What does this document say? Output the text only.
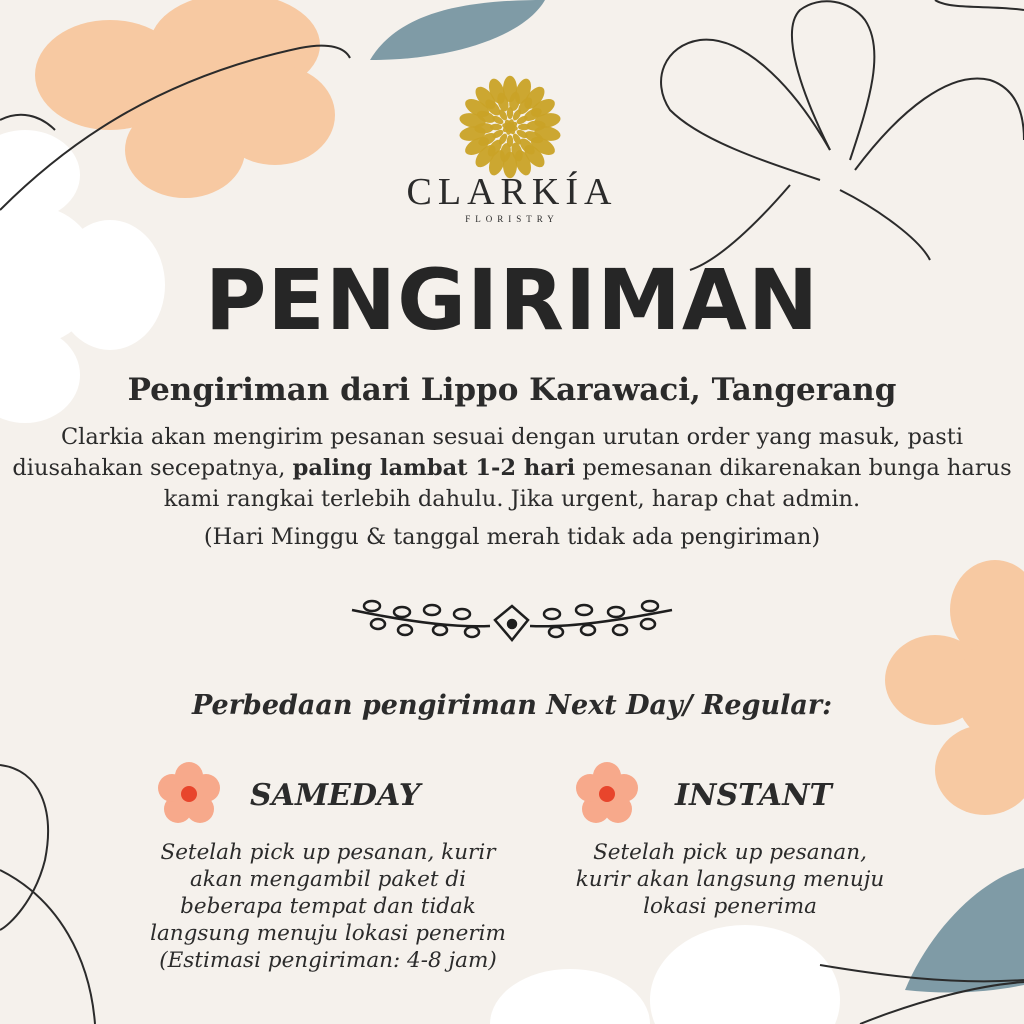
CLARKÍA
FLORISTRY
PENGIRIMAN
Pengiriman dari Lippo Karawaci, Tangerang
Clarkia akan mengirim pesanan sesuai dengan urutan order yang masuk, pasti diusahakan secepatnya, paling lambat 1-2 hari pemesanan dikarenakan bunga harus kami rangkai terlebih dahulu. Jika urgent, harap chat admin.
(Hari Minggu & tanggal merah tidak ada pengiriman)
Perbedaan pengiriman Next Day/ Regular:
SAMEDAY	INSTANT
Setelah pick up pesanan, kurir
akan mengambil paket di
beberapa tempat dan tidak
langsung menuju lokasi penerim
(Estimasi pengiriman: 4-8 jam)
Setelah pick up pesanan,
kurir akan langsung menuju
lokasi penerima
